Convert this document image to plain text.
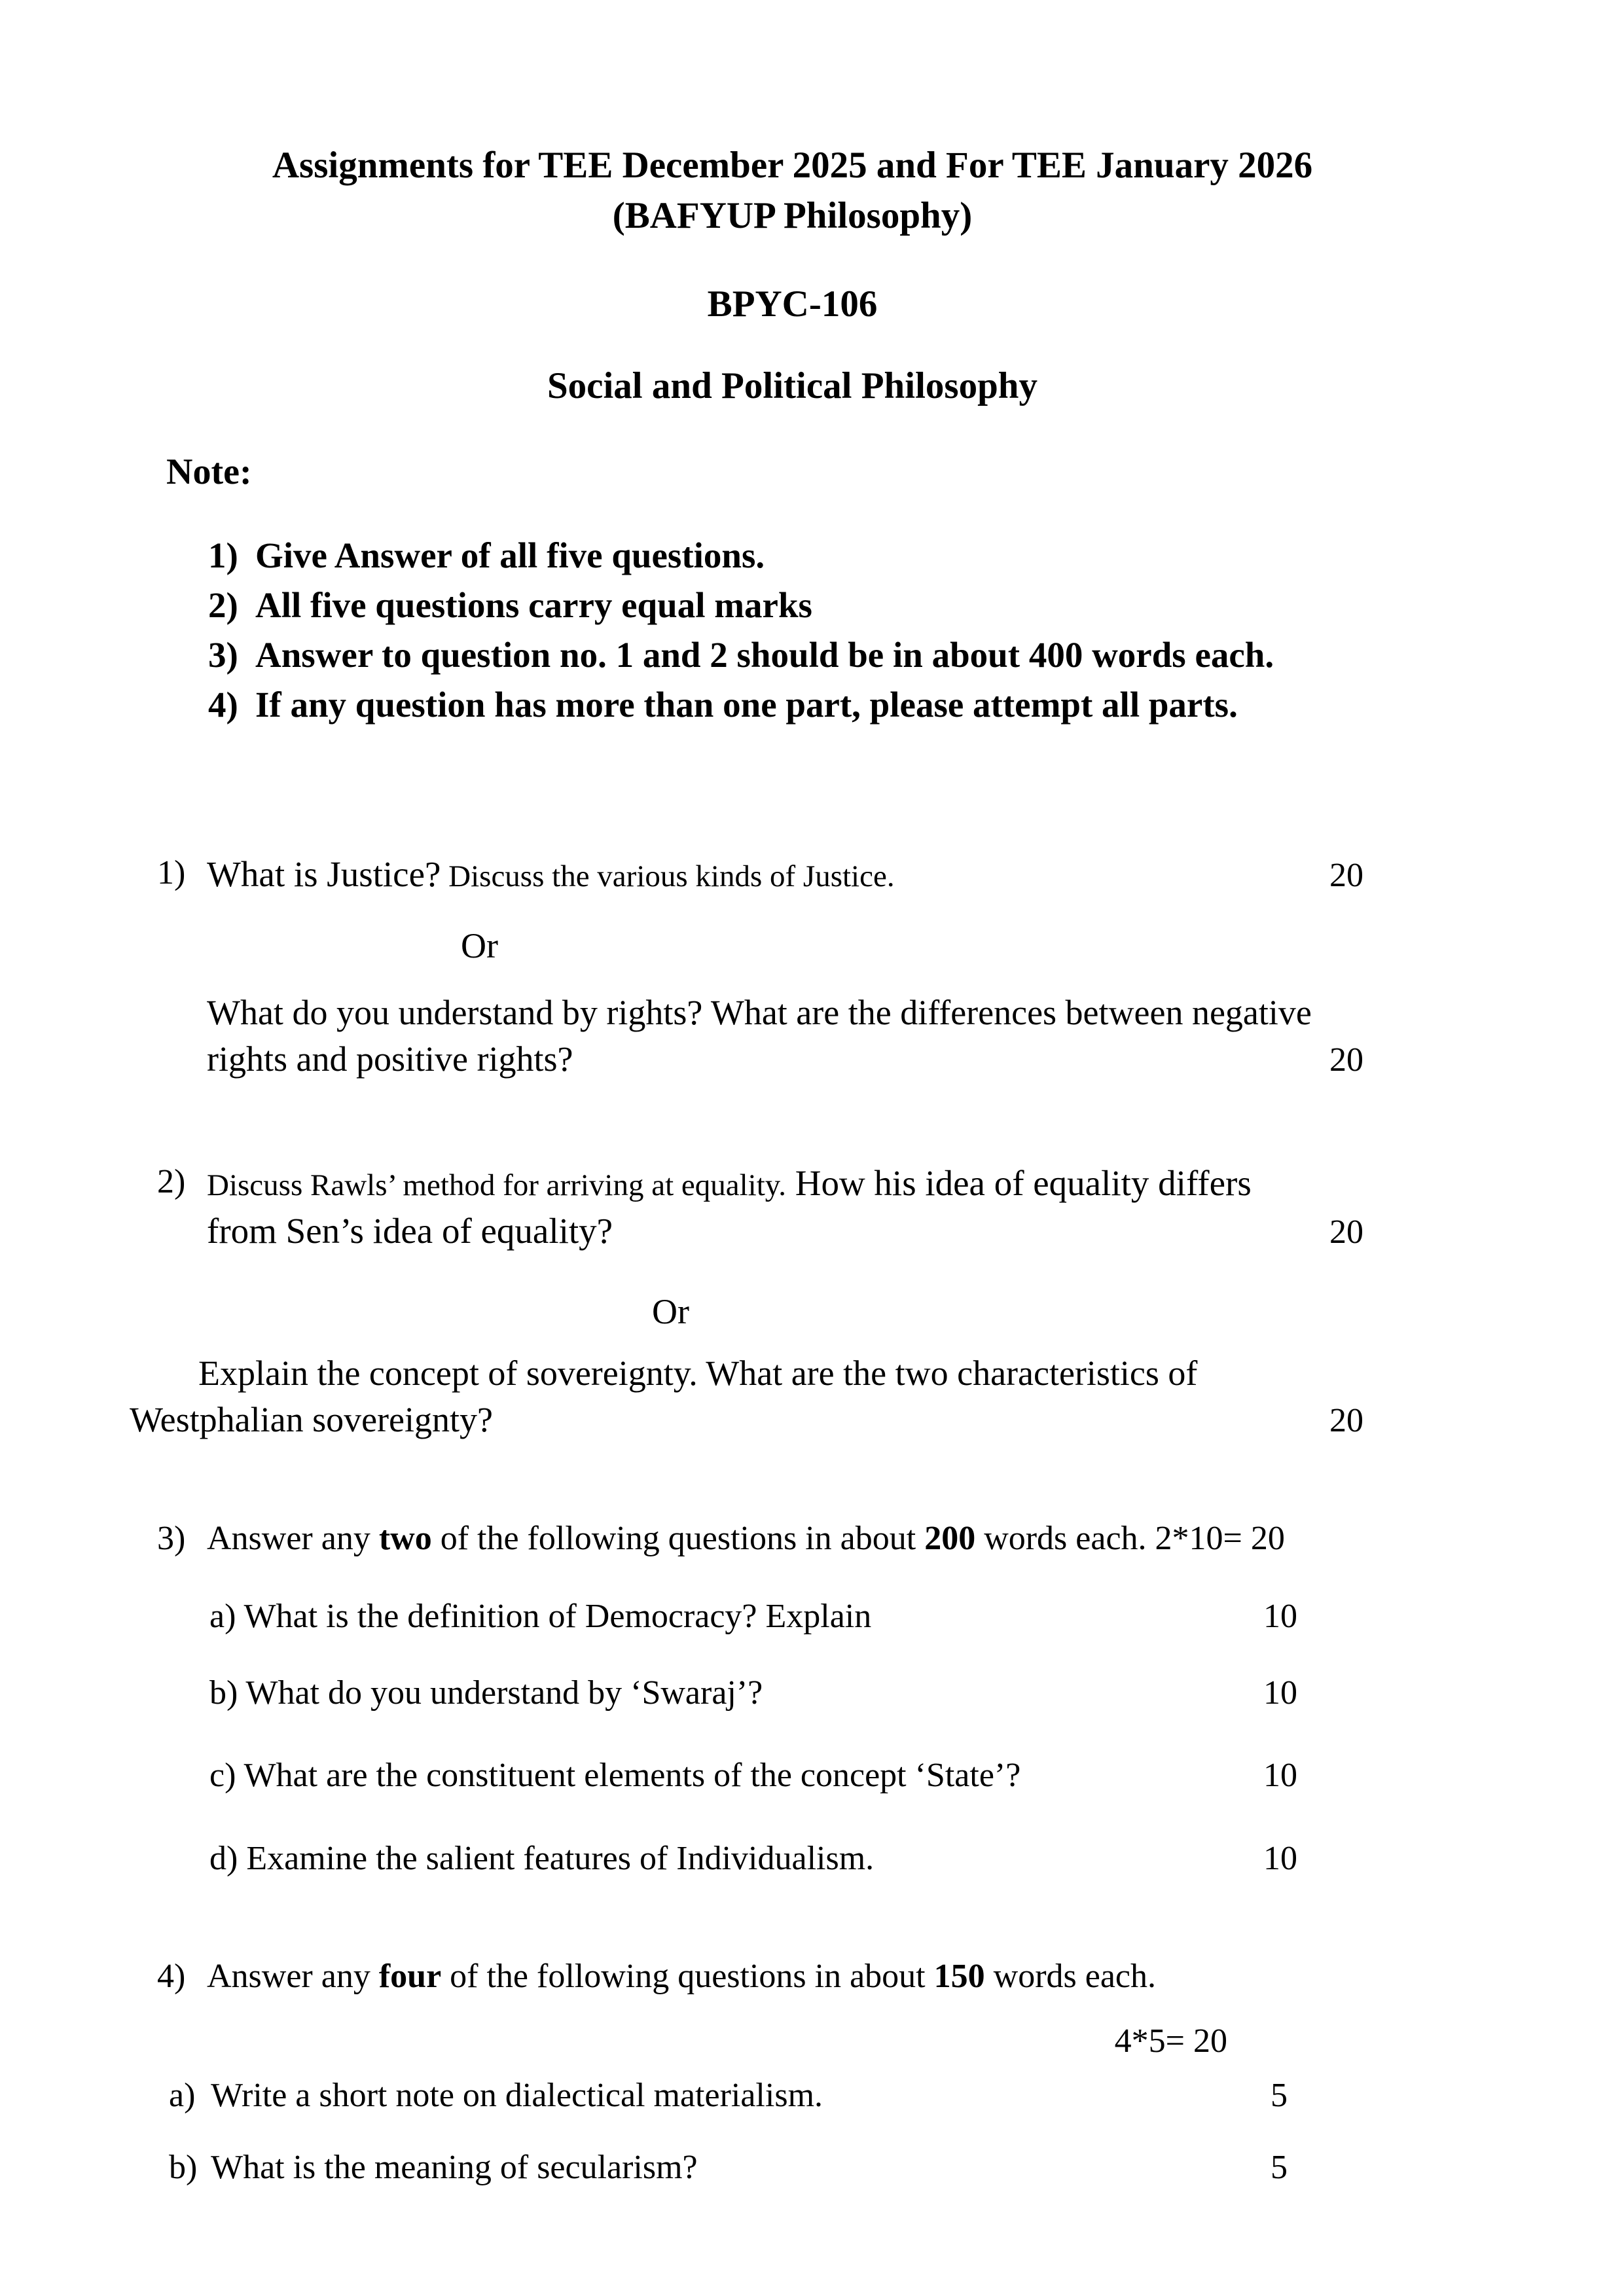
Assignments for TEE December 2025 and For TEE January 2026
(BAFYUP Philosophy)
BPYC-106
Social and Political Philosophy
Note:
1) Give Answer of all five questions.
2) All five questions carry equal marks
3) Answer to question no. 1 and 2 should be in about 400 words each.
4) If any question has more than one part, please attempt all parts.
1) What is Justice? Discuss the various kinds of Justice.	20
Or
What do you understand by rights? What are the differences between negative rights and positive rights?	20
2) Discuss Rawls’ method for arriving at equality. How his idea of equality differs from Sen’s idea of equality?	20
Or
Explain the concept of sovereignty. What are the two characteristics of Westphalian sovereignty?	20
3) Answer any two of the following questions in about 200 words each. 2*10= 20
a) What is the definition of Democracy? Explain	10
b) What do you understand by ‘Swaraj’?	10
c) What are the constituent elements of the concept ‘State’?	10
d) Examine the salient features of Individualism.	10
4) Answer any four of the following questions in about 150 words each.
4*5= 20
a) Write a short note on dialectical materialism.	5
b) What is the meaning of secularism?	5
